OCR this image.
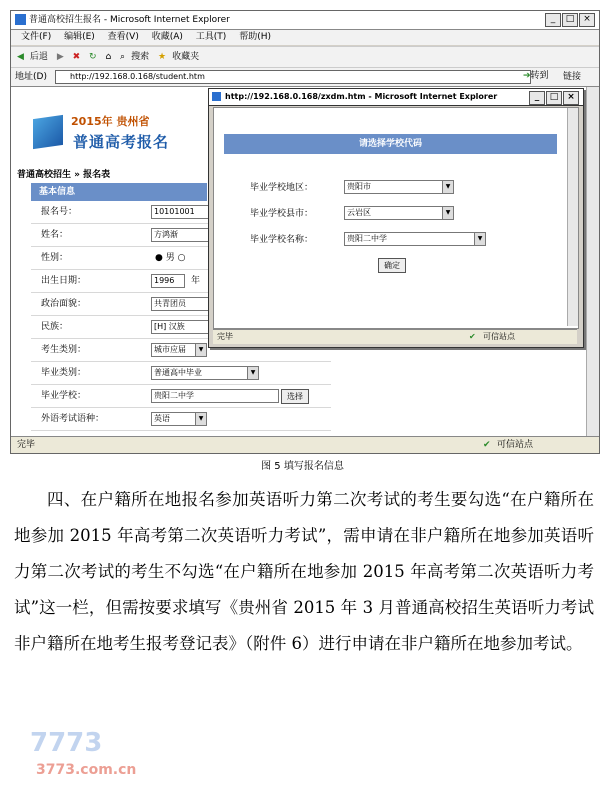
普通高校招生报名 - Microsoft Internet Explorer	_	□ ×
文件(F) 编辑(E) 查看(V) 收藏(A) 工具(T) 帮助(H)
◀ 后退 ▶ ✖ ↻ ⌂ ⌕ 搜索 ★ 收藏夹
地址(D)	http://192.168.0.168/student.htm	➔转到	链接
2015年 贵州省
普通高考报名
普通高校招生 » 报名表
基本信息
报名号：	10101001
姓名：	方鸿渐
性别：	● 男 ○
出生日期：	1996	年
政治面貌：	共青团员
民族：	[H] 汉族
考生类别：	城市应届	▼
毕业类别：	普通高中毕业	▼
毕业学校：	贵阳二中学	选择
外语考试语种：	英语	▼
完毕	✔ 可信站点
http://192.168.0.168/zxdm.htm - Microsoft Internet Explorer	_	□ ×
请选择学校代码
毕业学校地区：	贵阳市	▼
毕业学校县市：	云岩区	▼
毕业学校名称：	贵阳二中学	▼
确定
完毕	✔ 可信站点
图 5 填写报名信息

四、在户籍所在地报名参加英语听力第二次考试的考生要勾选“在户籍所在地参加 2015 年高考第二次英语听力考试”，需申请在非户籍所在地参加英语听力第二次考试的考生不勾选“在户籍所在地参加 2015 年高考第二次英语听力考试”这一栏，但需按要求填写《贵州省 2015 年 3 月普通高校招生英语听力考试非户籍所在地考生报考登记表》（附件 6）进行申请在非户籍所在地参加考试。

7773
3773.com.cn
